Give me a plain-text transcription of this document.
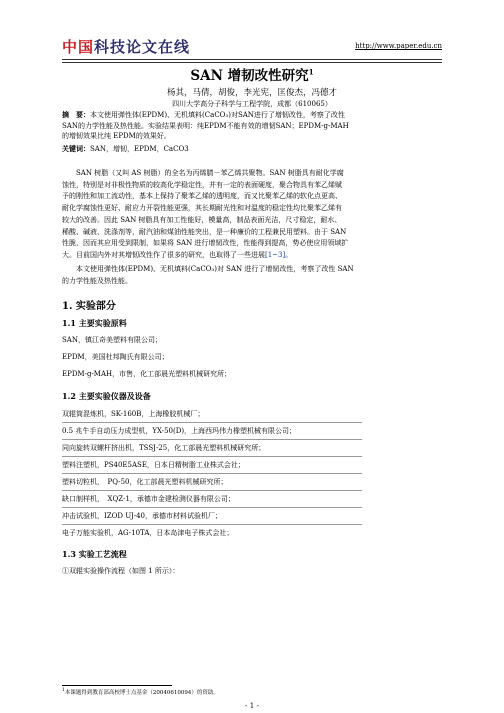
中国科技论文在线	http://www.paper.edu.cn
SAN 增韧改性研究$^1$
杨其，马倩，胡俊，李光宪，匡俊杰，冯德才
四川大学高分子科学与工程学院，成都（610065）
摘　要：本文使用弹性体(EPDM)、无机填料(CaCO₃)对SAN进行了增韧改性，考察了改性
SAN的力学性能及热性能。实验结果表明：纯EPDM不能有效的增韧SAN；EPDM-g-MAH
的增韧效果比纯 EPDM的效果好。
关键词：SAN，增韧，EPDM，CaCO3
SAN 树脂（又叫 AS 树脂）的全名为丙烯腈－苯乙烯共聚物。SAN 树脂具有耐化学腐
蚀性，特别是对非极性物质的较高化学稳定性，并有一定的表面硬度，聚合物具有苯乙烯赋
予的刚性和加工流动性，基本上保持了聚苯乙烯的透明度，而又比聚苯乙烯的软化点更高、
耐化学腐蚀性更好、耐应力开裂性能更强，其长期耐光性和对温度的稳定性均比聚苯乙烯有
较大的改善。因此 SAN 树脂具有加工性能好，模量高，制品表面光洁，尺寸稳定，耐水、
稀酸、碱液、洗涤剂等，耐汽油和煤油性能突出，是一种廉价的工程兼民用塑料。由于 SAN
性脆，因而其应用受到限制，如果将 SAN 进行增韧改性，性能得到提高，势必使应用领域扩
大。目前国内外对其增韧改性作了很多的研究，也取得了一些进展[1~3]。
本文使用弹性体(EPDM)、无机填料(CaCO₃)对 SAN 进行了增韧改性，考察了改性 SAN
的力学性能及热性能。
1. 实验部分
1.1 主要实验原料
SAN，镇江奇美塑料有限公司；
EPDM，美国杜邦陶氏有限公司；
EPDM-g-MAH，市售，化工部晨光塑料机械研究所；
1.2 主要实验仪器及设备
双辊筒混炼机，SK-160B，上海橡胶机械厂；
0.5 兆牛手自动压力成型机，YX-50(D)，上海西玛伟力橡塑机械有限公司；
同向旋转双螺杆挤出机，TSSJ-25，化工部晨光塑料机械研究所；
塑料注塑机，PS40E5ASE，日本日精树脂工业株式会社；
塑料切粒机，　PQ-50，化工部晨光塑料机械研究所；
缺口制样机，　XQZ-1，承德市金建检测仪器有限公司；
冲击试验机，IZOD UJ-40，承德市材料试验机厂；
电子万能实验机，AG-10TA，日本岛津电子株式会社；
1.3 实验工艺流程
①双辊实验操作流程（如图 1 所示）：
$^1$本课题得到教育部高校博士点基金（20040610094）的资助。
- 1 -
